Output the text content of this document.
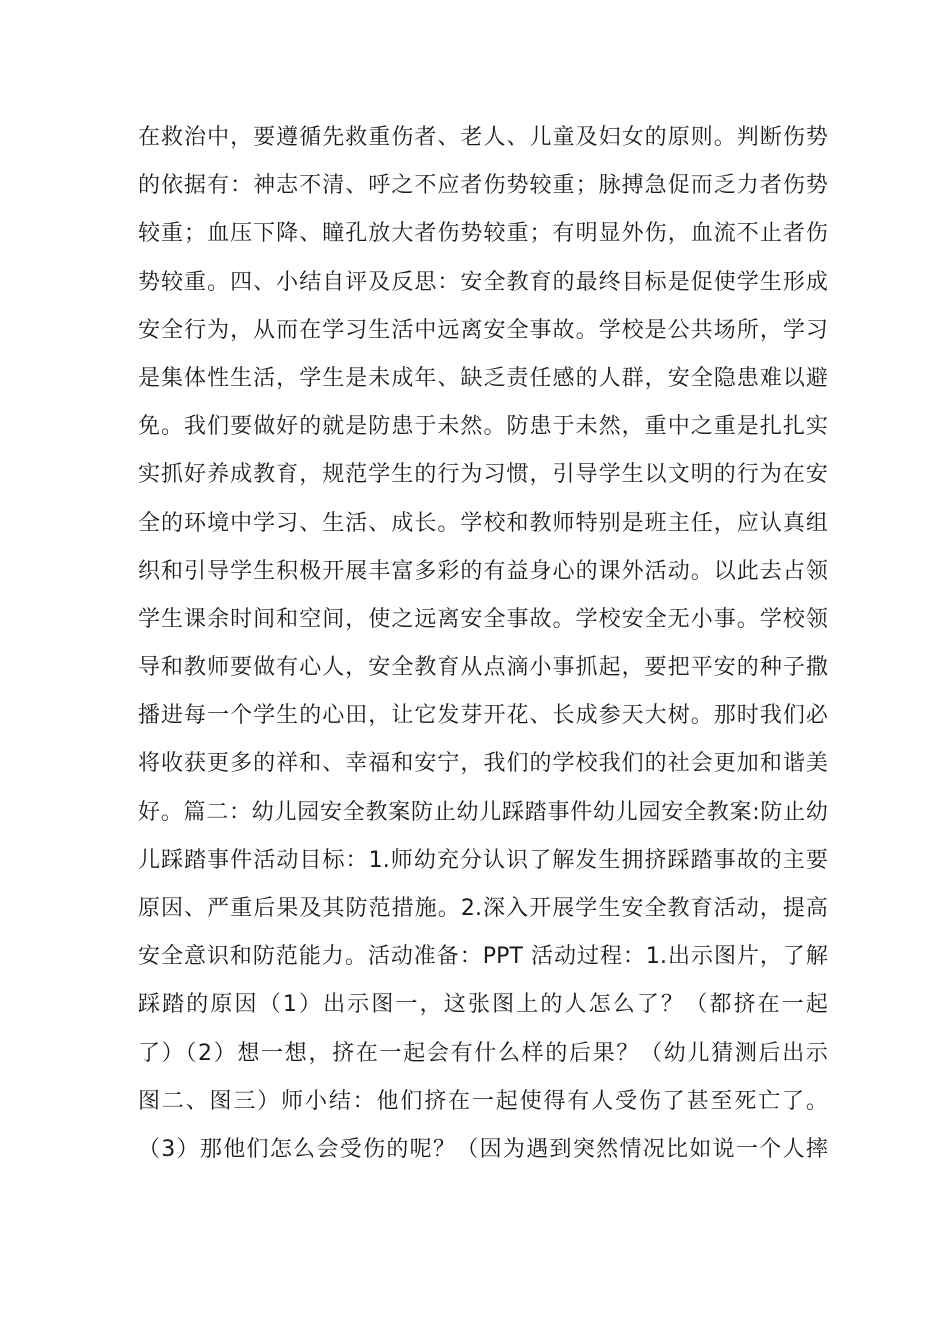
在救治中，要遵循先救重伤者、老人、儿童及妇女的原则。判断伤势
的依据有：神志不清、呼之不应者伤势较重；脉搏急促而乏力者伤势
较重；血压下降、瞳孔放大者伤势较重；有明显外伤，血流不止者伤
势较重。四、小结自评及反思：安全教育的最终目标是促使学生形成
安全行为，从而在学习生活中远离安全事故。学校是公共场所，学习
是集体性生活，学生是未成年、缺乏责任感的人群，安全隐患难以避
免。我们要做好的就是防患于未然。防患于未然，重中之重是扎扎实
实抓好养成教育，规范学生的行为习惯，引导学生以文明的行为在安
全的环境中学习、生活、成长。学校和教师特别是班主任，应认真组
织和引导学生积极开展丰富多彩的有益身心的课外活动。以此去占领
学生课余时间和空间，使之远离安全事故。学校安全无小事。学校领
导和教师要做有心人，安全教育从点滴小事抓起，要把平安的种子撒
播进每一个学生的心田，让它发芽开花、长成参天大树。那时我们必
将收获更多的祥和、幸福和安宁，我们的学校我们的社会更加和谐美
好。篇二：幼儿园安全教案防止幼儿踩踏事件幼儿园安全教案:防止幼
儿踩踏事件活动目标：1.师幼充分认识了解发生拥挤踩踏事故的主要
原因、严重后果及其防范措施。2.深入开展学生安全教育活动，提高
安全意识和防范能力。活动准备：PPT 活动过程：1.出示图片，了解
踩踏的原因（1）出示图一，这张图上的人怎么了？（都挤在一起
了）（2）想一想，挤在一起会有什么样的后果？（幼儿猜测后出示
图二、图三）师小结：他们挤在一起使得有人受伤了甚至死亡了。
（3）那他们怎么会受伤的呢？（因为遇到突然情况比如说一个人摔
